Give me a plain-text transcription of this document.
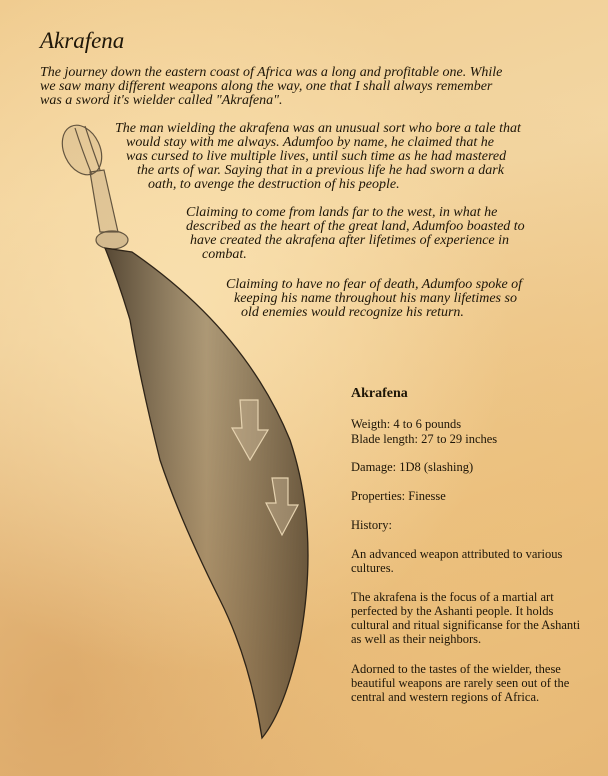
Akrafena
The journey down the eastern coast of Africa was a long and profitable one. While
we saw many different weapons along the way, one that I shall always remember
was a sword it's wielder called "Akrafena".
The man wielding the akrafena was an unusual sort who bore a tale that
would stay with me always. Adumfoo by name, he claimed that he
was cursed to live multiple lives, until such time as he had mastered
the arts of war. Saying that in a previous life he had sworn a dark
oath, to avenge the destruction of his people.
Claiming to come from lands far to the west, in what he
described as the heart of the great land, Adumfoo boasted to
have created the akrafena after lifetimes of experience in
combat.
Claiming to have no fear of death, Adumfoo spoke of
keeping his name throughout his many lifetimes so
old enemies would recognize his return.
Akrafena
Weigth: 4 to 6 pounds
Blade length: 27 to 29 inches
Damage: 1D8 (slashing)
Properties: Finesse
History:
An advanced weapon attributed to various
cultures.
The akrafena is the focus of a martial art
perfected by the Ashanti people. It holds
cultural and ritual significanse for the Ashanti
as well as their neighbors.
Adorned to the tastes of the wielder, these
beautiful weapons are rarely seen out of the
central and western regions of Africa.
